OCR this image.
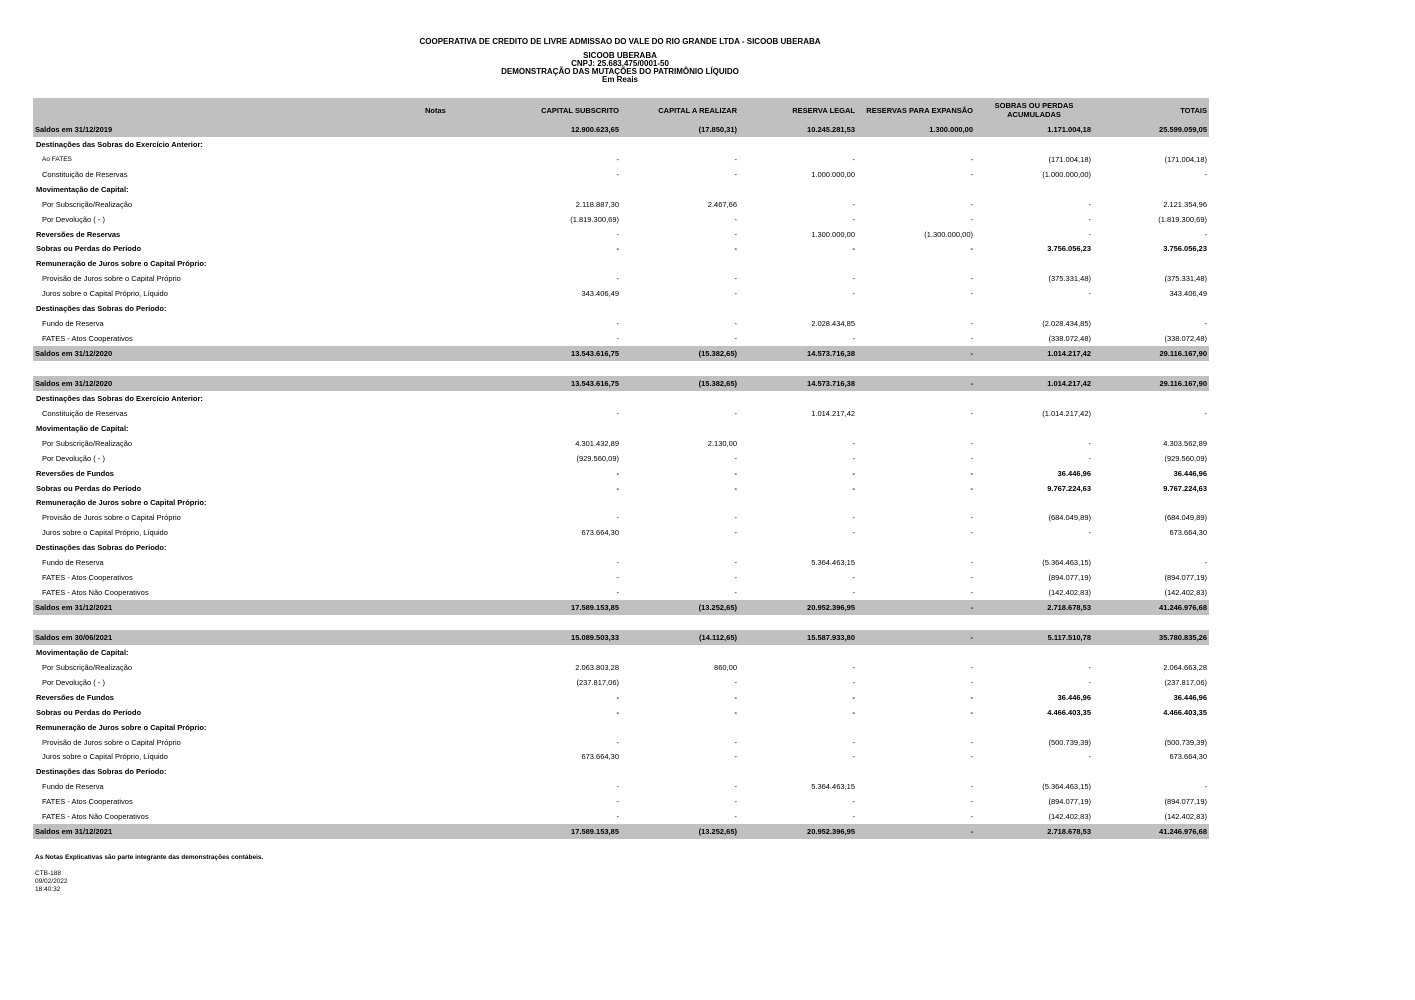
COOPERATIVA DE CREDITO DE LIVRE ADMISSAO DO VALE DO RIO GRANDE LTDA - SICOOB UBERABA
SICOOB UBERABA
CNPJ: 25.683.475/0001-50
DEMONSTRAÇÃO DAS MUTAÇÕES DO PATRIMÔNIO LÍQUIDO
Em Reais
	Notas	CAPITAL SUBSCRITO	CAPITAL A REALIZAR	RESERVA LEGAL	RESERVAS PARA EXPANSÃO	SOBRAS OU PERDAS ACUMULADAS	TOTAIS
Saldos em 31/12/2019		12.900.623,65	(17.850,31)	10.245.281,53	1.300.000,00	1.171.004,18	25.599.059,05
Destinações das Sobras do Exercício Anterior:							
Ao FATES		-	-	-	-	(171.004,18)	(171.004,18)
Constituição de Reservas		-	-	1.000.000,00	-	(1.000.000,00)	-
Movimentação de Capital:							
Por Subscrição/Realização		2.118.887,30	2.467,66	-	-	-	2.121.354,96
Por Devolução ( - )		(1.819.300,69)	-	-	-	-	(1.819.300,69)
Reversões de Reservas		-	-	1.300.000,00	(1.300.000,00)	-	-
Sobras ou Perdas do Período		-	-	-	-	3.756.056,23	3.756.056,23
Remuneração de Juros sobre o Capital Próprio:							
Provisão de Juros sobre o Capital Próprio		-	-	-	-	(375.331,48)	(375.331,48)
Juros sobre o Capital Próprio, Líquido		343.406,49	-	-	-	-	343.406,49
Destinações das Sobras do Período:							
Fundo de Reserva		-	-	2.028.434,85	-	(2.028.434,85)	-
FATES - Atos Cooperativos		-	-	-	-	(338.072,48)	(338.072,48)
Saldos em 31/12/2020		13.543.616,75	(15.382,65)	14.573.716,38	-	1.014.217,42	29.116.167,90

Saldos em 31/12/2020		13.543.616,75	(15.382,65)	14.573.716,38	-	1.014.217,42	29.116.167,90
Destinações das Sobras do Exercício Anterior:							
Constituição de Reservas		-	-	1.014.217,42	-	(1.014.217,42)	-
Movimentação de Capital:							
Por Subscrição/Realização		4.301.432,89	2.130,00	-	-	-	4.303.562,89
Por Devolução ( - )		(929.560,09)	-	-	-	-	(929.560,09)
Reversões de Fundos		-	-	-	-	36.446,96	36.446,96
Sobras ou Perdas do Período		-	-	-	-	9.767.224,63	9.767.224,63
Remuneração de Juros sobre o Capital Próprio:							
Provisão de Juros sobre o Capital Próprio		-	-	-	-	(684.049,89)	(684.049,89)
Juros sobre o Capital Próprio, Líquido		673.664,30	-	-	-	-	673.664,30
Destinações das Sobras do Período:							
Fundo de Reserva		-	-	5.364.463,15	-	(5.364.463,15)	-
FATES - Atos Cooperativos		-	-	-	-	(894.077,19)	(894.077,19)
FATES - Atos Não Cooperativos		-	-	-	-	(142.402,83)	(142.402,83)
Saldos em 31/12/2021		17.589.153,85	(13.252,65)	20.952.396,95	-	2.718.678,53	41.246.976,68

Saldos em 30/06/2021		15.089.503,33	(14.112,65)	15.587.933,80	-	5.117.510,78	35.780.835,26
Movimentação de Capital:							
Por Subscrição/Realização		2.063.803,28	860,00	-	-	-	2.064.663,28
Por Devolução ( - )		(237.817,06)	-	-	-	-	(237.817,06)
Reversões de Fundos		-	-	-	-	36.446,96	36.446,96
Sobras ou Perdas do Período		-	-	-	-	4.466.403,35	4.466.403,35
Remuneração de Juros sobre o Capital Próprio:							
Provisão de Juros sobre o Capital Próprio		-	-	-	-	(500.739,39)	(500.739,39)
Juros sobre o Capital Próprio, Líquido		673.664,30	-	-	-	-	673.664,30
Destinações das Sobras do Período:							
Fundo de Reserva		-	-	5.364.463,15	-	(5.364.463,15)	-
FATES - Atos Cooperativos		-	-	-	-	(894.077,19)	(894.077,19)
FATES - Atos Não Cooperativos		-	-	-	-	(142.402,83)	(142.402,83)
Saldos em 31/12/2021		17.589.153,85	(13.252,65)	20.952.396,95	-	2.718.678,53	41.246.976,68
As Notas Explicativas são parte integrante das demonstrações contábeis.
CTB-188
09/02/2022
18:40:32
